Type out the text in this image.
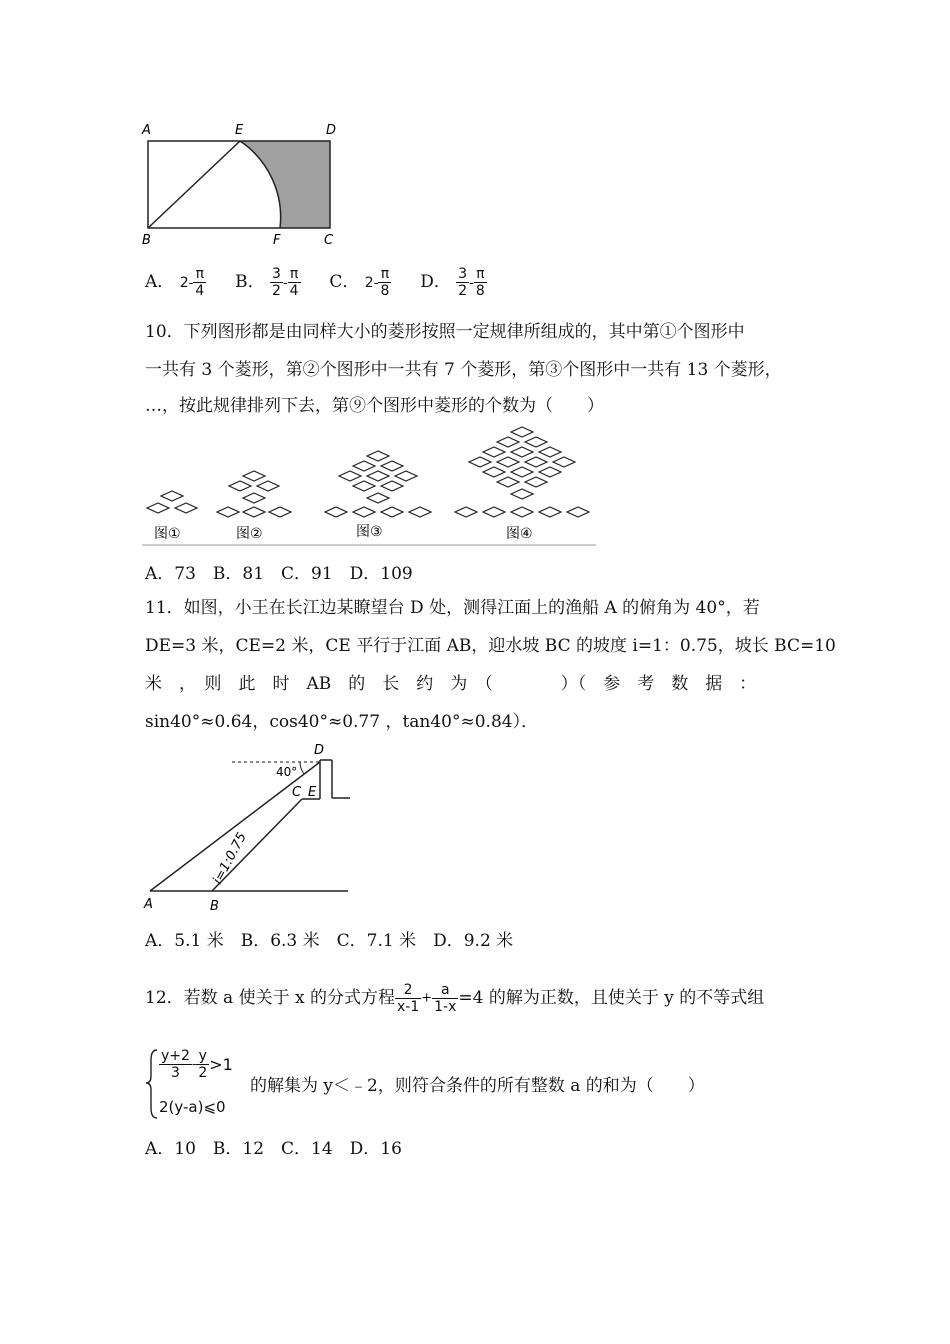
A	E	D
B	F	C
A． $2- \frac{\pi}{4}$ B． $\frac{3}{2} - \frac{\pi}{4}$ C． $2- \frac{\pi}{8}$ D． $\frac{3}{2} - \frac{\pi}{8}$
10．下列图形都是由同样大小的菱形按照一定规律所组成的，其中第①个图形中
一共有 3 个菱形，第②个图形中一共有 7 个菱形，第③个图形中一共有 13 个菱形，
…，按此规律排列下去，第⑨个图形中菱形的个数为（　　）
图①	图②	图③	图④
A．73　B．81　C．91　D．109
11．如图，小王在长江边某瞭望台 D 处，测得江面上的渔船 A 的俯角为 40°，若
DE=3 米，CE=2 米，CE 平行于江面 AB，迎水坡 BC 的坡度 i=1：0.75，坡长 BC=10
米　，　则　此　时　AB　的　长　约　为　（　　　　）（　参　考　数　据　：
sin40°≈0.64，cos40°≈0.77 ，tan40°≈0.84）．
D
40°
C E
i=1:0.75
A	B
A．5.1 米　B．6.3 米　C．7.1 米　D．9.2 米
12．若数 a 使关于 x 的分式方程 $\frac{2}{x-1} + \frac{a}{1-x} =4$ 的解为正数，且使关于 y 的不等式组
$\frac{y+2}{3} - \frac{y}{2} >1$
2(y-a)⩽0
的解集为 y＜﹣2，则符合条件的所有整数 a 的和为（　　）
A．10　B．12　C．14　D．16
